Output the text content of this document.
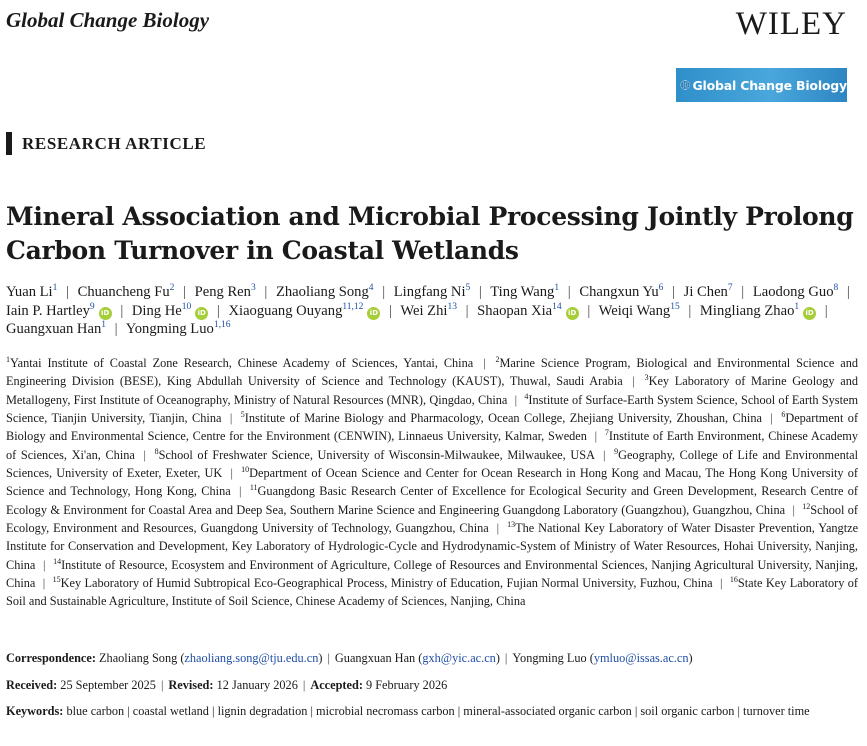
Global Change Biology	WILEY
Global Change Biology
RESEARCH ARTICLE
Mineral Association and Microbial Processing Jointly Prolong Carbon Turnover in Coastal Wetlands
Yuan Li$^1$ | Chuancheng Fu$^2$ | Peng Ren$^3$ | Zhaoliang Song$^4$ | Lingfang Ni$^5$ | Ting Wang$^1$ | Changxun Yu$^6$ | Ji Chen$^7$ | Laodong Guo$^8$ | Iain P. Hartley$^9$iD | Ding He$^{10}$iD | Xiaoguang Ouyang$^{11,12}$iD | Wei Zhi$^{13}$ | Shaopan Xia$^{14}$iD | Weiqi Wang$^{15}$ | Mingliang Zhao$^1$iD | Guangxuan Han$^1$ | Yongming Luo$^{1,16}$
$^1$Yantai Institute of Coastal Zone Research, Chinese Academy of Sciences, Yantai, China | $^2$Marine Science Program, Biological and Environmental Science and Engineering Division (BESE), King Abdullah University of Science and Technology (KAUST), Thuwal, Saudi Arabia | $^3$Key Laboratory of Marine Geology and Metallogeny, First Institute of Oceanography, Ministry of Natural Resources (MNR), Qingdao, China | $^4$Institute of Surface-Earth System Science, School of Earth System Science, Tianjin University, Tianjin, China | $^5$Institute of Marine Biology and Pharmacology, Ocean College, Zhejiang University, Zhoushan, China | $^6$Department of Biology and Environmental Science, Centre for the Environment (CENWIN), Linnaeus University, Kalmar, Sweden | $^7$Institute of Earth Environment, Chinese Academy of Sciences, Xi'an, China | $^8$School of Freshwater Science, University of Wisconsin-Milwaukee, Milwaukee, USA | $^9$Geography, College of Life and Environmental Sciences, University of Exeter, Exeter, UK | $^{10}$Department of Ocean Science and Center for Ocean Research in Hong Kong and Macau, The Hong Kong University of Science and Technology, Hong Kong, China | $^{11}$Guangdong Basic Research Center of Excellence for Ecological Security and Green Development, Research Centre of Ecology & Environment for Coastal Area and Deep Sea, Southern Marine Science and Engineering Guangdong Laboratory (Guangzhou), Guangzhou, China | $^{12}$School of Ecology, Environment and Resources, Guangdong University of Technology, Guangzhou, China | $^{13}$The National Key Laboratory of Water Disaster Prevention, Yangtze Institute for Conservation and Development, Key Laboratory of Hydrologic-Cycle and Hydrodynamic-System of Ministry of Water Resources, Hohai University, Nanjing, China | $^{14}$Institute of Resource, Ecosystem and Environment of Agriculture, College of Resources and Environmental Sciences, Nanjing Agricultural University, Nanjing, China | $^{15}$Key Laboratory of Humid Subtropical Eco-Geographical Process, Ministry of Education, Fujian Normal University, Fuzhou, China | $^{16}$State Key Laboratory of Soil and Sustainable Agriculture, Institute of Soil Science, Chinese Academy of Sciences, Nanjing, China
Correspondence: Zhaoliang Song (zhaoliang.song@tju.edu.cn) | Guangxuan Han (gxh@yic.ac.cn) | Yongming Luo (ymluo@issas.ac.cn)
Received: 25 September 2025 | Revised: 12 January 2026 | Accepted: 9 February 2026
Keywords: blue carbon | coastal wetland | lignin degradation | microbial necromass carbon | mineral-associated organic carbon | soil organic carbon | turnover time
